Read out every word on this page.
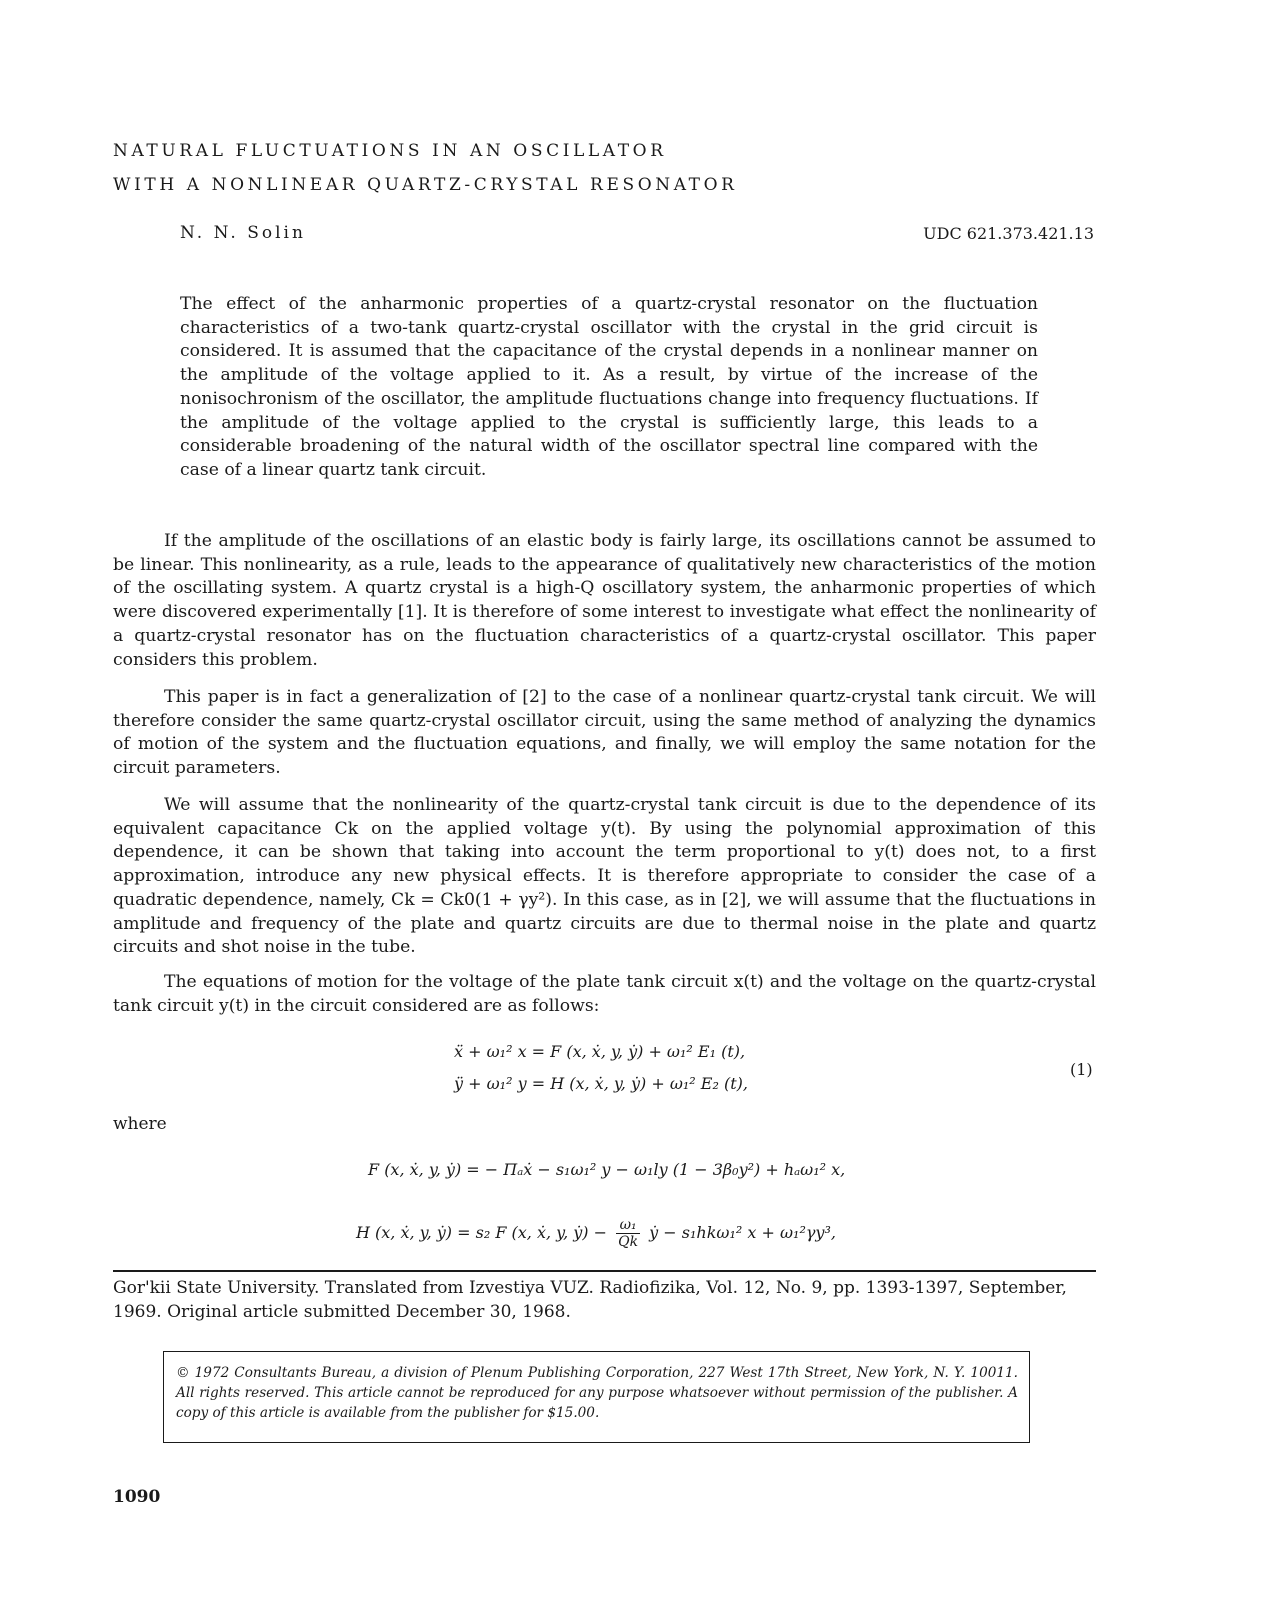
NATURAL FLUCTUATIONS IN AN OSCILLATOR
WITH A NONLINEAR QUARTZ-CRYSTAL RESONATOR
N. N. Solin	UDC 621.373.421.13
The effect of the anharmonic properties of a quartz-crystal resonator on the fluctuation characteristics of a two-tank quartz-crystal oscillator with the crystal in the grid circuit is considered. It is assumed that the capacitance of the crystal depends in a nonlinear manner on the amplitude of the voltage applied to it. As a result, by virtue of the increase of the nonisochronism of the oscillator, the amplitude fluctuations change into frequency fluctuations. If the amplitude of the voltage applied to the crystal is sufficiently large, this leads to a considerable broadening of the natural width of the oscillator spectral line compared with the case of a linear quartz tank circuit.
If the amplitude of the oscillations of an elastic body is fairly large, its oscillations cannot be assumed to be linear. This nonlinearity, as a rule, leads to the appearance of qualitatively new characteristics of the motion of the oscillating system. A quartz crystal is a high-Q oscillatory system, the anharmonic properties of which were discovered experimentally [1]. It is therefore of some interest to investigate what effect the nonlinearity of a quartz-crystal resonator has on the fluctuation characteristics of a quartz-crystal oscillator. This paper considers this problem.
This paper is in fact a generalization of [2] to the case of a nonlinear quartz-crystal tank circuit. We will therefore consider the same quartz-crystal oscillator circuit, using the same method of analyzing the dynamics of motion of the system and the fluctuation equations, and finally, we will employ the same notation for the circuit parameters.
We will assume that the nonlinearity of the quartz-crystal tank circuit is due to the dependence of its equivalent capacitance Ck on the applied voltage y(t). By using the polynomial approximation of this dependence, it can be shown that taking into account the term proportional to y(t) does not, to a first approximation, introduce any new physical effects. It is therefore appropriate to consider the case of a quadratic dependence, namely, Ck = Ck0(1 + γy²). In this case, as in [2], we will assume that the fluctuations in amplitude and frequency of the plate and quartz circuits are due to thermal noise in the plate and quartz circuits and shot noise in the tube.
The equations of motion for the voltage of the plate tank circuit x(t) and the voltage on the quartz-crystal tank circuit y(t) in the circuit considered are as follows:
ẍ + ω₁² x = F (x, ẋ, y, ẏ) + ω₁² E₁ (t),
ÿ + ω₁² y = H (x, ẋ, y, ẏ) + ω₁² E₂ (t),
(1)
where
F (x, ẋ, y, ẏ) = − Πₐẋ − s₁ω₁² y − ω₁ly (1 − 3β₀y²) + hₐω₁² x,
H (x, ẋ, y, ẏ) = s₂ F (x, ẋ, y, ẏ) − $\frac{\text{ω₁}}{Qk}$ ẏ − s₁hkω₁² x + ω₁²γy³,
Gor'kii State University. Translated from Izvestiya VUZ. Radiofizika, Vol. 12, No. 9, pp. 1393-1397, September, 1969. Original article submitted December 30, 1968.
© 1972 Consultants Bureau, a division of Plenum Publishing Corporation, 227 West 17th Street, New York, N. Y. 10011. All rights reserved. This article cannot be reproduced for any purpose whatsoever without permission of the publisher. A copy of this article is available from the publisher for $15.00.
1090
